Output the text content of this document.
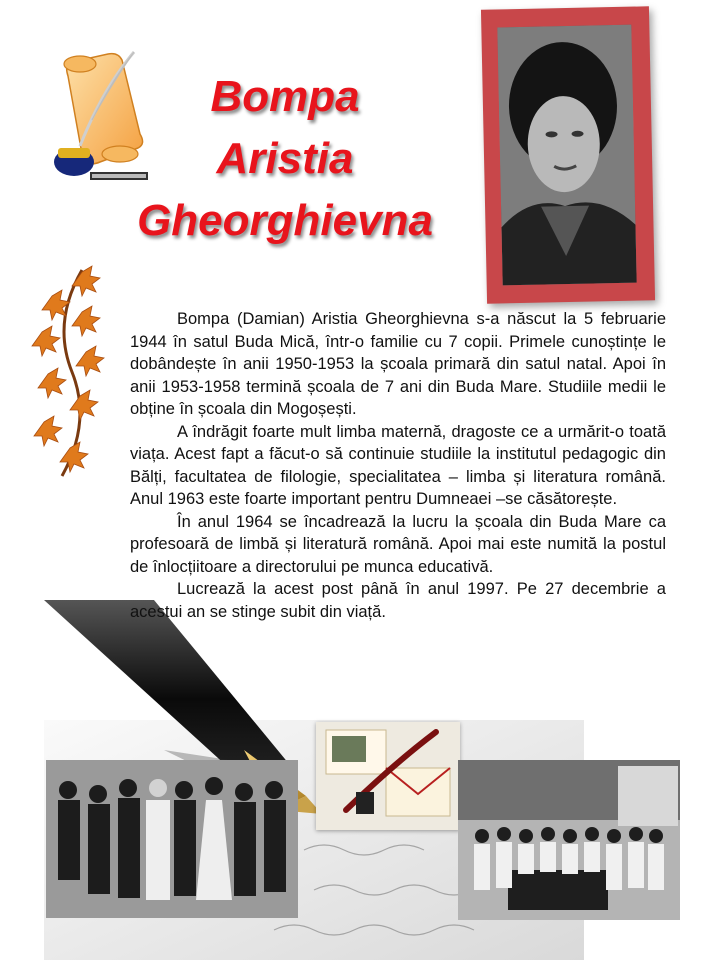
Bompa
Aristia
Gheorghievna

Bompa (Damian) Aristia Gheorghievna s-a născut la 5 februarie 1944 în satul Buda Mică, într-o familie cu 7 copii. Primele cunoștințe le dobândește în anii 1950-1953 la școala primară din satul natal. Apoi în anii 1953-1958 termină școala de 7 ani din Buda Mare. Studiile medii le obține în școala din Mogoșești.

A îndrăgit foarte mult limba maternă, dragoste ce a urmărit-o toată viața. Acest fapt a făcut-o să continuie studiile la institutul pedagogic din Bălți, facultatea de filologie, specialitatea – limba și literatura română. Anul 1963 este foarte important pentru Dumneaei –se căsătorește.

În anul 1964 se încadrează la lucru la școala din Buda Mare ca profesoară de limbă și literatură română. Apoi mai este numită la postul de înlocțiitoare a directorului pe munca educativă.

Lucrează la acest post până în anul 1997. Pe 27 decembrie a acestui an se stinge subit din viață.
